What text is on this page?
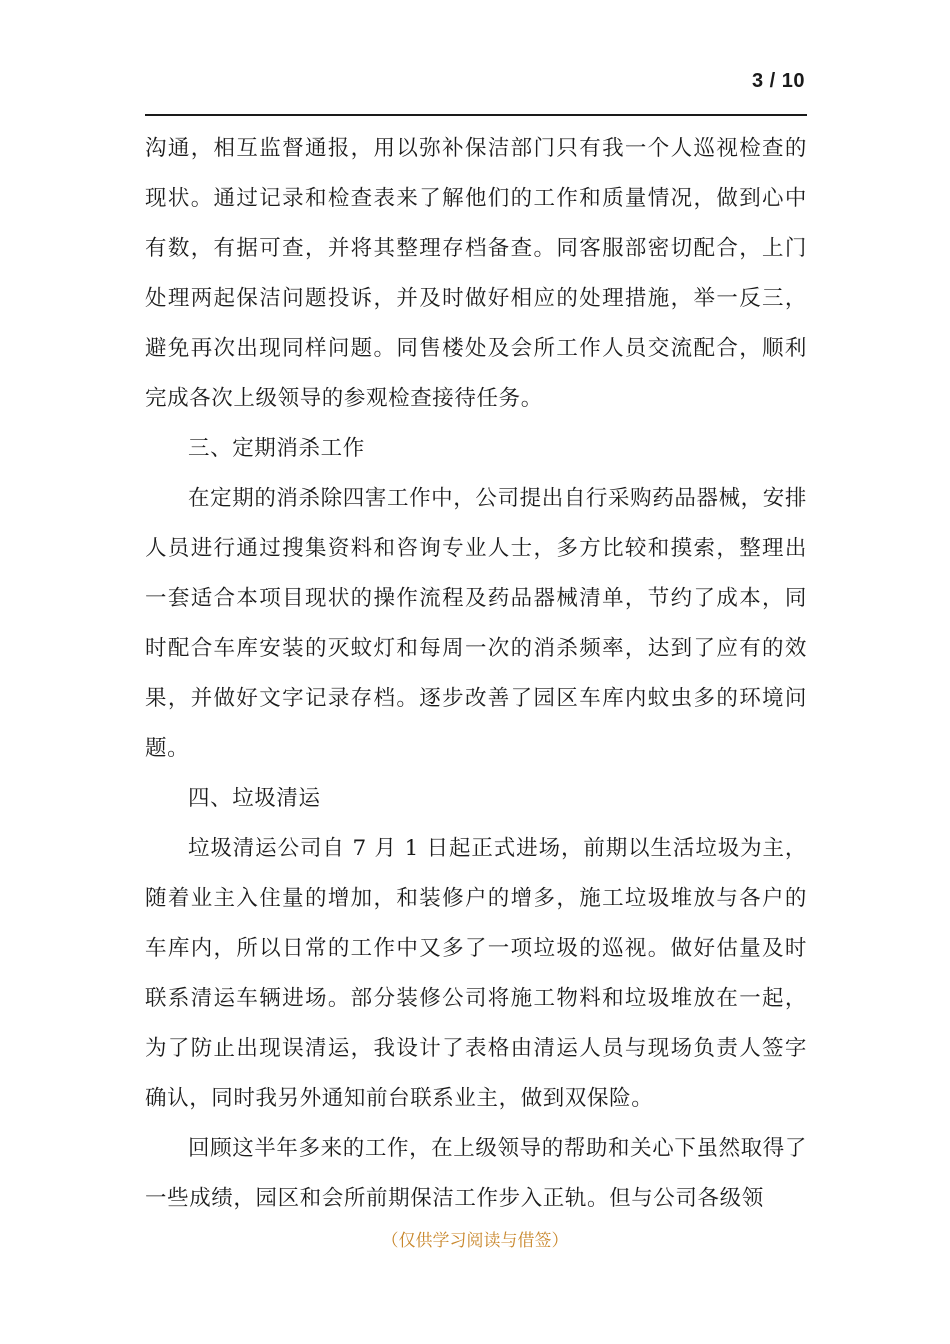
3 / 10

沟通，相互监督通报，用以弥补保洁部门只有我一个人巡视检查的现状。通过记录和检查表来了解他们的工作和质量情况，做到心中有数，有据可查，并将其整理存档备查。同客服部密切配合，上门处理两起保洁问题投诉，并及时做好相应的处理措施，举一反三，避免再次出现同样问题。同售楼处及会所工作人员交流配合，顺利完成各次上级领导的参观检查接待任务。

三、定期消杀工作

在定期的消杀除四害工作中，公司提出自行采购药品器械，安排人员进行通过搜集资料和咨询专业人士，多方比较和摸索，整理出一套适合本项目现状的操作流程及药品器械清单，节约了成本，同时配合车库安装的灭蚊灯和每周一次的消杀频率，达到了应有的效果，并做好文字记录存档。逐步改善了园区车库内蚊虫多的环境问题。

四、垃圾清运

垃圾清运公司自 7 月 1 日起正式进场，前期以生活垃圾为主，随着业主入住量的增加，和装修户的增多，施工垃圾堆放与各户的车库内，所以日常的工作中又多了一项垃圾的巡视。做好估量及时联系清运车辆进场。部分装修公司将施工物料和垃圾堆放在一起，为了防止出现误清运，我设计了表格由清运人员与现场负责人签字确认，同时我另外通知前台联系业主，做到双保险。

回顾这半年多来的工作，在上级领导的帮助和关心下虽然取得了一些成绩，园区和会所前期保洁工作步入正轨。但与公司各级领

（仅供学习阅读与借签）
